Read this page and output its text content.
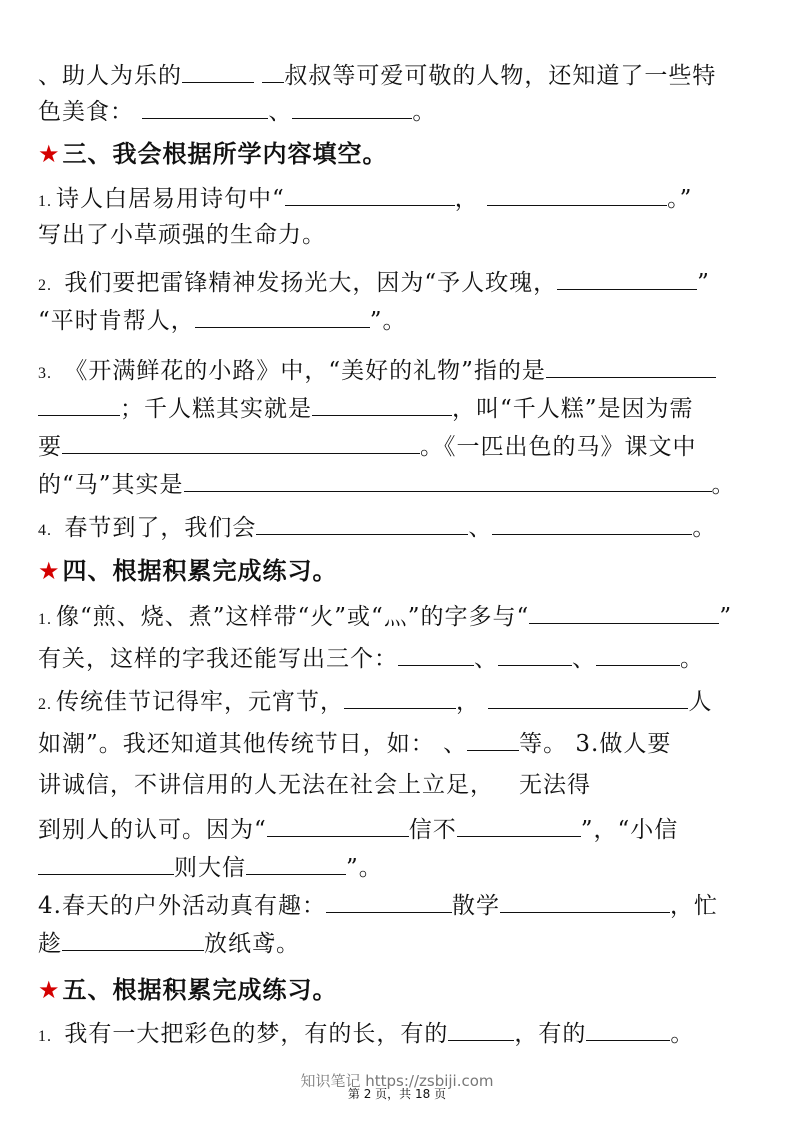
、助人为乐的	叔叔等可爱可敬的人物，还知道了一些特
色美食：	、	。
★三、我会根据所学内容填空。
1. 诗人白居易用诗句中“	，	。”
写出了小草顽强的生命力。
2. 我们要把雷锋精神发扬光大，因为“予人玫瑰，	”
“平时肯帮人，	”。
3. 《开满鲜花的小路》中，“美好的礼物”指的是
；千人糕其实就是	，叫“千人糕”是因为需
要	。《一匹出色的马》课文中
的“马”其实是	。
4. 春节到了，我们会	、	。
★四、根据积累完成练习。
1. 像“煎、烧、煮”这样带“火”或“灬”的字多与“	”
有关，这样的字我还能写出三个：	、	、	。
2. 传统佳节记得牢，元宵节，	，	人
如潮”。我还知道其他传统节日，如： 、 等。 3.做人要
讲诚信，不讲信用的人无法在社会上立足， 无法得
到别人的认可。因为“	信不	”，“小信
则大信	”。
4.春天的户外活动真有趣：	散学	，忙
趁	放纸鸢。
★五、根据积累完成练习。
1. 我有一大把彩色的梦，有的长，有的	，有的	。
知识笔记 https://zsbiji.com
第 2 页，共 18 页
